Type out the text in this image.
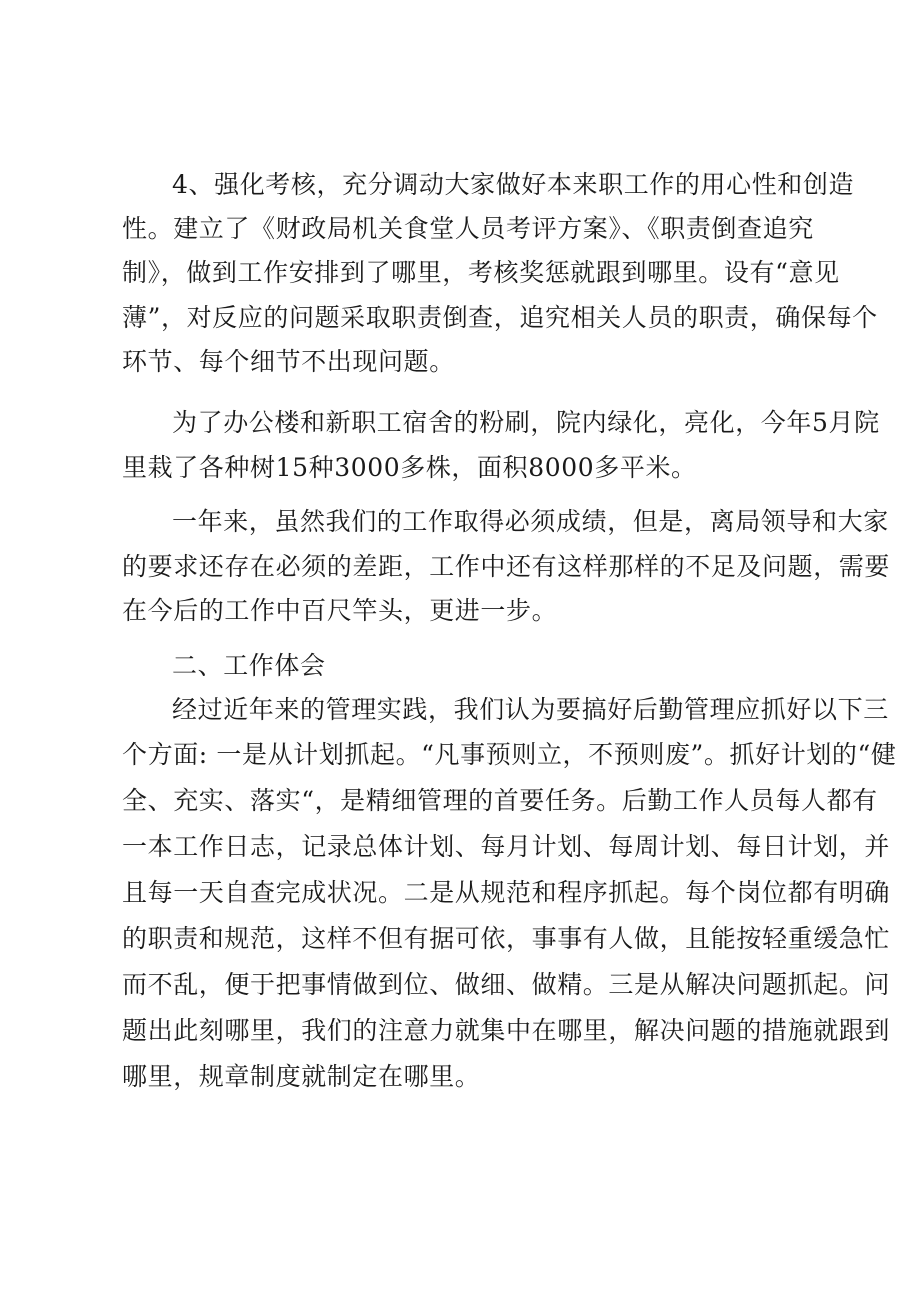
4、强化考核，充分调动大家做好本来职工作的用心性和创造
性。建立了《财政局机关食堂人员考评方案》、《职责倒查追究
制》，做到工作安排到了哪里，考核奖惩就跟到哪里。设有“意见
薄”，对反应的问题采取职责倒查，追究相关人员的职责，确保每个
环节、每个细节不出现问题。
为了办公楼和新职工宿舍的粉刷，院内绿化，亮化，今年5月院
里栽了各种树15种3000多株，面积8000多平米。
一年来，虽然我们的工作取得必须成绩，但是，离局领导和大家
的要求还存在必须的差距，工作中还有这样那样的不足及问题，需要
在今后的工作中百尺竿头，更进一步。
二、工作体会
经过近年来的管理实践，我们认为要搞好后勤管理应抓好以下三
个方面: 一是从计划抓起。“凡事预则立，不预则废”。抓好计划的“健
全、充实、落实“，是精细管理的首要任务。后勤工作人员每人都有
一本工作日志，记录总体计划、每月计划、每周计划、每日计划，并
且每一天自查完成状况。二是从规范和程序抓起。每个岗位都有明确
的职责和规范，这样不但有据可依，事事有人做，且能按轻重缓急忙
而不乱，便于把事情做到位、做细、做精。三是从解决问题抓起。问
题出此刻哪里，我们的注意力就集中在哪里，解决问题的措施就跟到
哪里，规章制度就制定在哪里。
